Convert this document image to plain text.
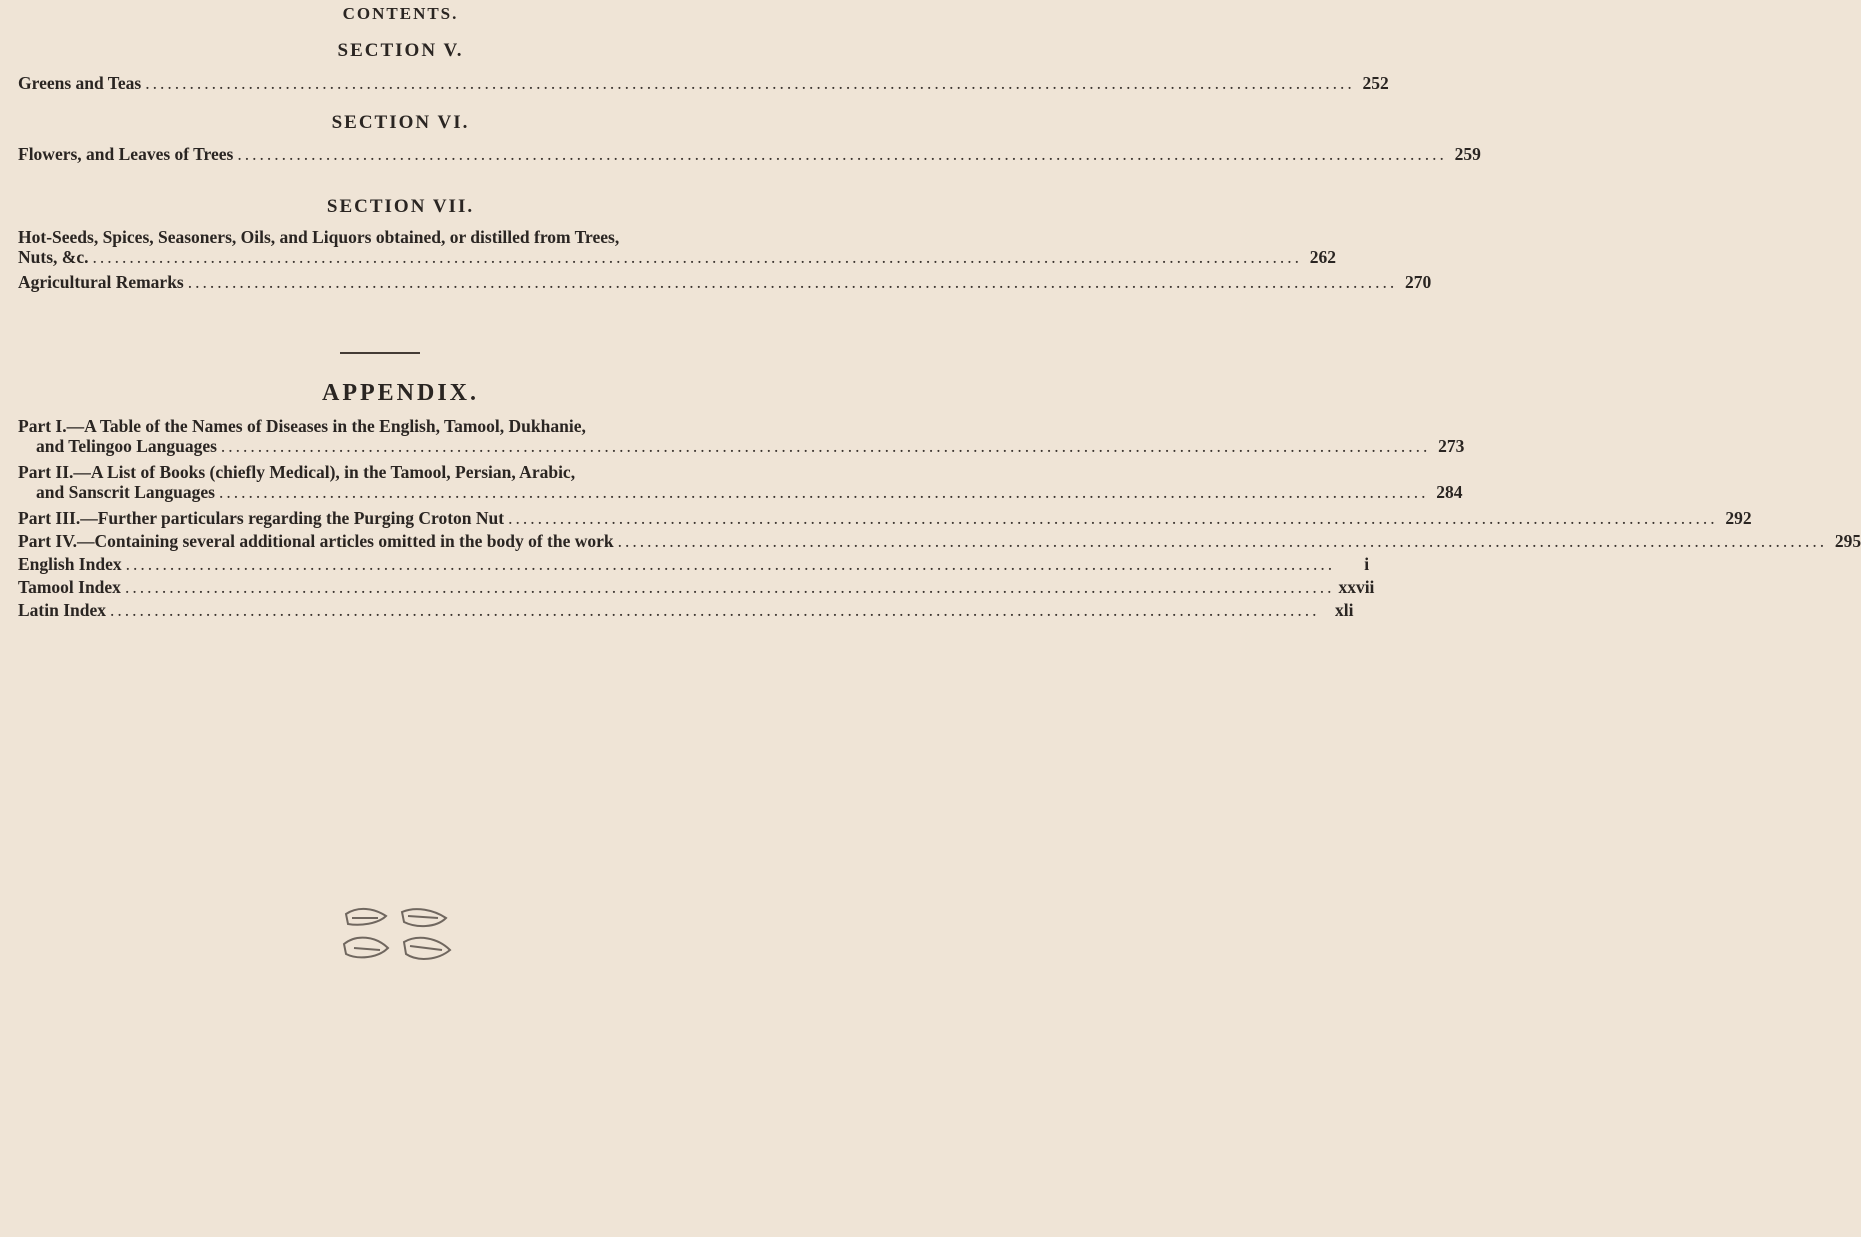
CONTENTS.
SECTION V.
Greens and Teas .................................................................................................................................................................... 252
SECTION VI.
Flowers, and Leaves of Trees .................................................................................................................................................................... 259
SECTION VII.
Hot-Seeds, Spices, Seasoners, Oils, and Liquors obtained, or distilled from Trees,
Nuts, &c. .................................................................................................................................................................... 262
Agricultural Remarks .................................................................................................................................................................... 270
APPENDIX.
Part I.—A Table of the Names of Diseases in the English, Tamool, Dukhanie,
and Telingoo Languages .................................................................................................................................................................... 273
Part II.—A List of Books (chiefly Medical), in the Tamool, Persian, Arabic,
and Sanscrit Languages .................................................................................................................................................................... 284
Part III.—Further particulars regarding the Purging Croton Nut .................................................................................................................................................................... 292
Part IV.—Containing several additional articles omitted in the body of the work .................................................................................................................................................................... 295
English Index ....................................................................................................................................................................	i
Tamool Index .................................................................................................................................................................... xxvii
Latin Index .................................................................................................................................................................... xli
